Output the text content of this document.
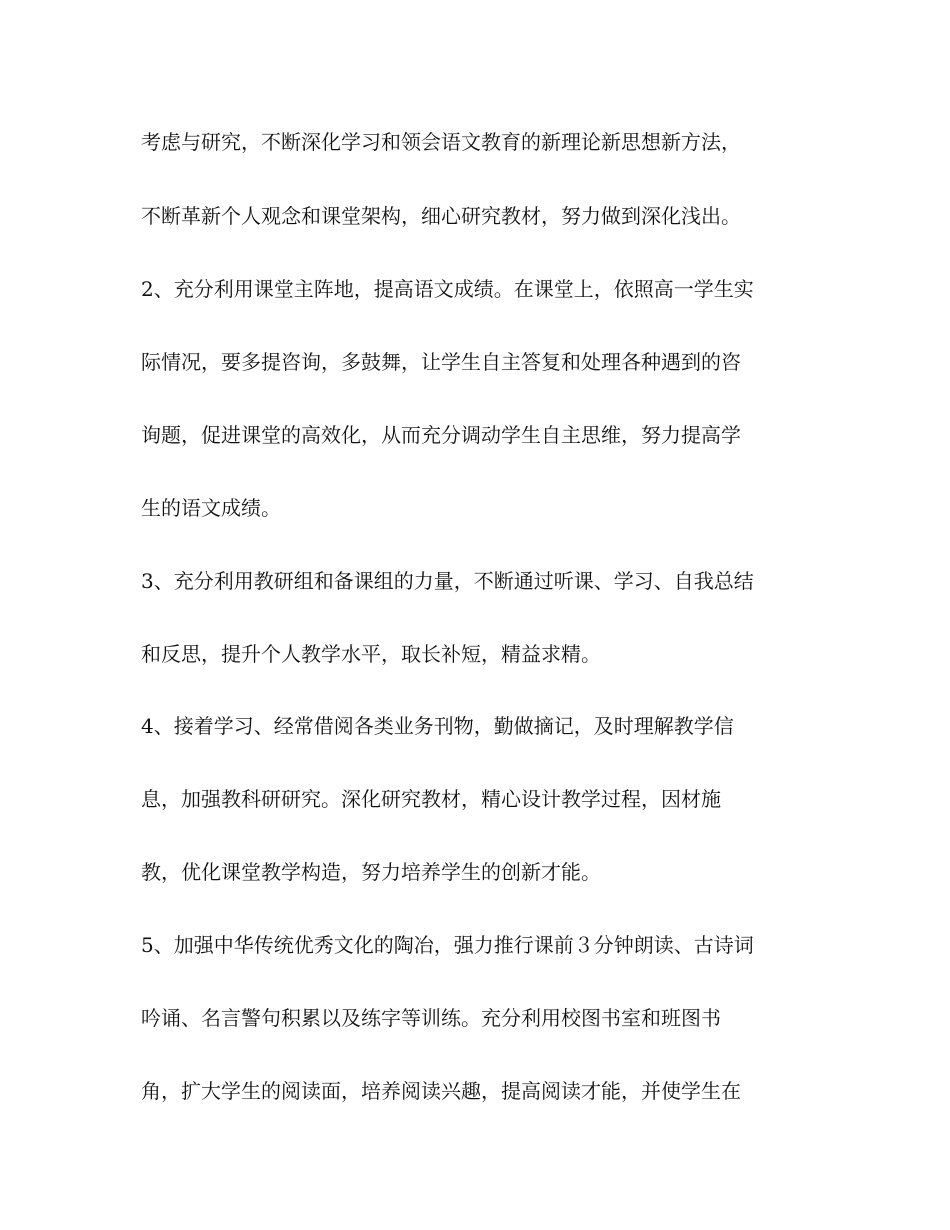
考虑与研究，不断深化学习和领会语文教育的新理论新思想新方法，
不断革新个人观念和课堂架构，细心研究教材，努力做到深化浅出。
2、充分利用课堂主阵地，提高语文成绩。在课堂上，依照高一学生实
际情况，要多提咨询，多鼓舞，让学生自主答复和处理各种遇到的咨
询题，促进课堂的高效化，从而充分调动学生自主思维，努力提高学
生的语文成绩。
3、充分利用教研组和备课组的力量，不断通过听课、学习、自我总结
和反思，提升个人教学水平，取长补短，精益求精。
4、接着学习、经常借阅各类业务刊物，勤做摘记，及时理解教学信
息，加强教科研研究。深化研究教材，精心设计教学过程，因材施
教，优化课堂教学构造，努力培养学生的创新才能。
5、加强中华传统优秀文化的陶冶，强力推行课前３分钟朗读、古诗词
吟诵、名言警句积累以及练字等训练。充分利用校图书室和班图书
角，扩大学生的阅读面，培养阅读兴趣，提高阅读才能，并使学生在
